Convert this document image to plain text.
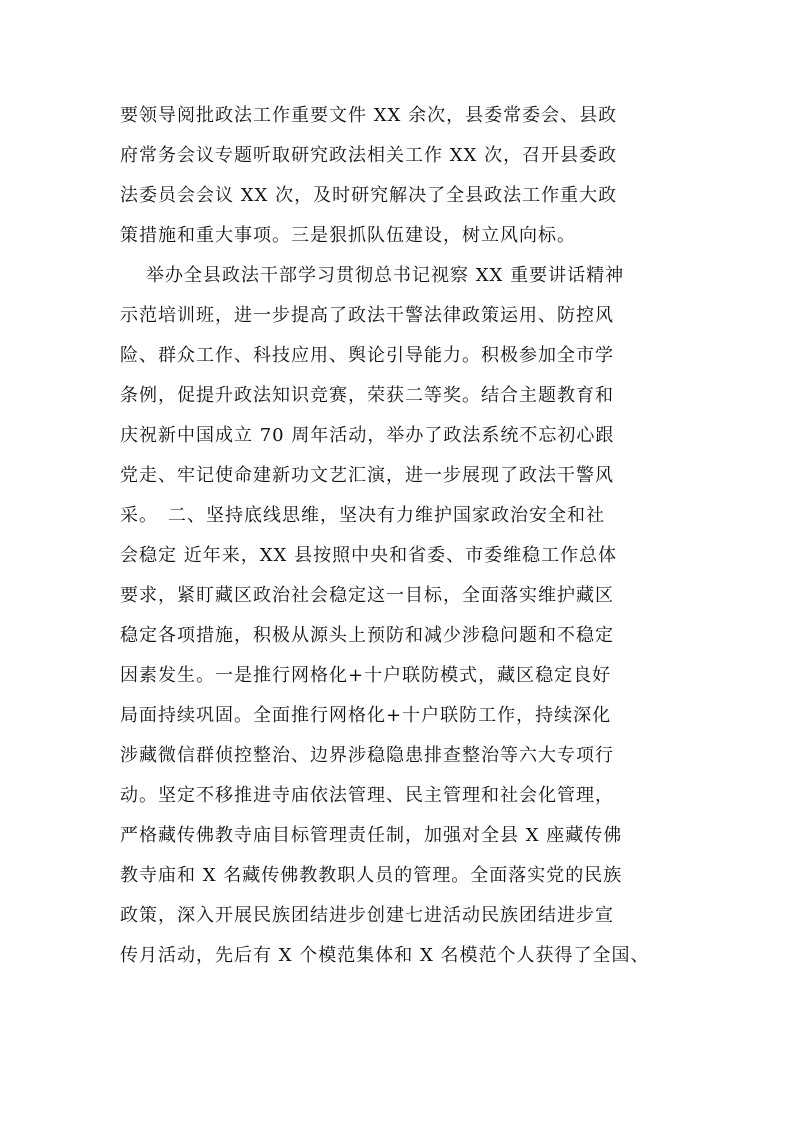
要领导阅批政法工作重要文件 XX 余次，县委常委会、县政
府常务会议专题听取研究政法相关工作 XX 次，召开县委政
法委员会会议 XX 次，及时研究解决了全县政法工作重大政
策措施和重大事项。三是狠抓队伍建设，树立风向标。
举办全县政法干部学习贯彻总书记视察 XX 重要讲话精神
示范培训班，进一步提高了政法干警法律政策运用、防控风
险、群众工作、科技应用、舆论引导能力。积极参加全市学
条例，促提升政法知识竞赛，荣获二等奖。结合主题教育和
庆祝新中国成立 70 周年活动，举办了政法系统不忘初心跟
党走、牢记使命建新功文艺汇演，进一步展现了政法干警风
采。　二、坚持底线思维，坚决有力维护国家政治安全和社
会稳定 近年来，XX 县按照中央和省委、市委维稳工作总体
要求，紧盯藏区政治社会稳定这一目标，全面落实维护藏区
稳定各项措施，积极从源头上预防和减少涉稳问题和不稳定
因素发生。一是推行网格化+十户联防模式，藏区稳定良好
局面持续巩固。全面推行网格化+十户联防工作，持续深化
涉藏微信群侦控整治、边界涉稳隐患排查整治等六大专项行
动。坚定不移推进寺庙依法管理、民主管理和社会化管理，
严格藏传佛教寺庙目标管理责任制，加强对全县 X 座藏传佛
教寺庙和 X 名藏传佛教教职人员的管理。全面落实党的民族
政策，深入开展民族团结进步创建七进活动民族团结进步宣
传月活动，先后有 X 个模范集体和 X 名模范个人获得了全国、
